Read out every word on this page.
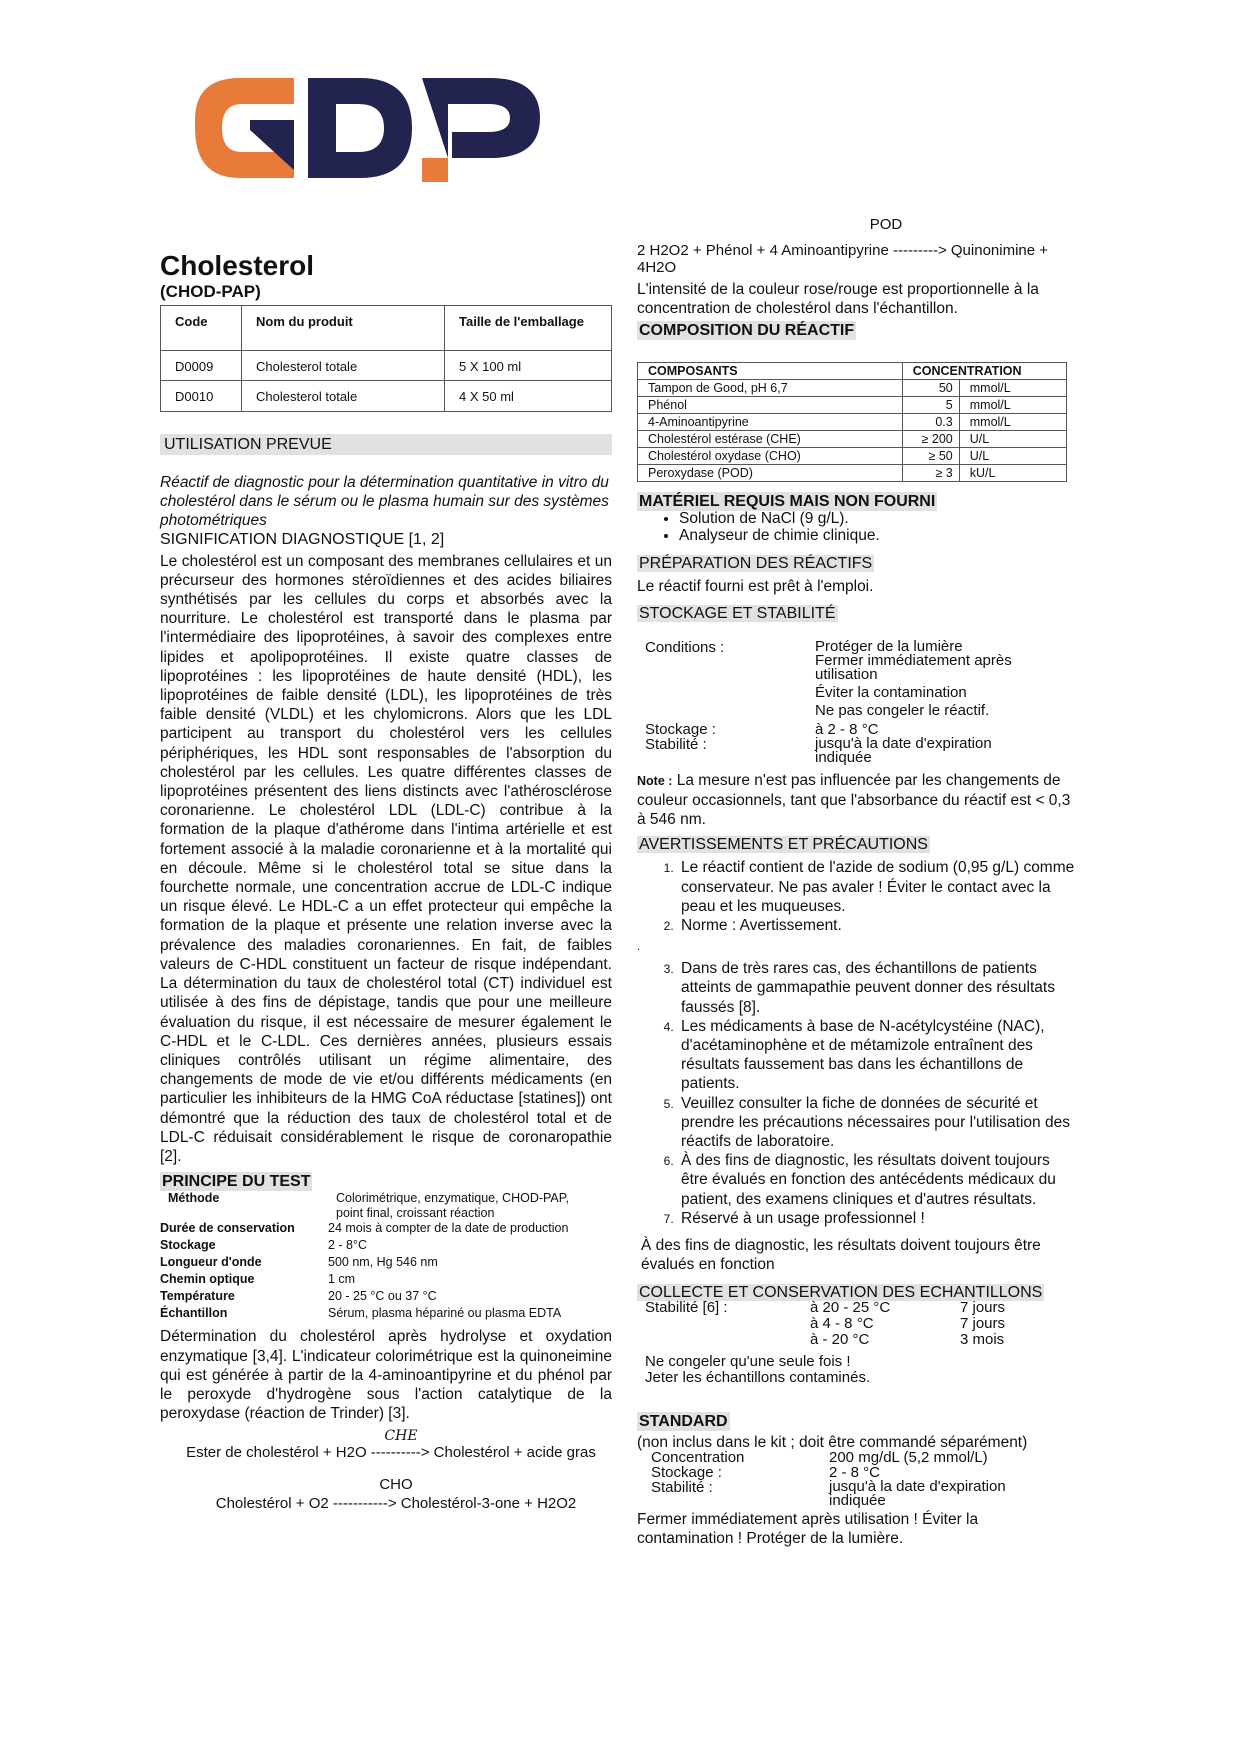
Cholesterol
(CHOD-PAP)
Code	Nom du produit	Taille de l'emballage
D0009	Cholesterol totale	5 X 100 ml
D0010	Cholesterol totale	4 X 50 ml
UTILISATION PREVUE
Réactif de diagnostic pour la détermination quantitative in vitro du cholestérol dans le sérum ou le plasma humain sur des systèmes photométriques
SIGNIFICATION DIAGNOSTIQUE [1, 2]
Le cholestérol est un composant des membranes cellulaires et un précurseur des hormones stéroïdiennes et des acides biliaires synthétisés par les cellules du corps et absorbés avec la nourriture. Le cholestérol est transporté dans le plasma par l'intermédiaire des lipoprotéines, à savoir des complexes entre lipides et apolipoprotéines. Il existe quatre classes de lipoprotéines : les lipoprotéines de haute densité (HDL), les lipoprotéines de faible densité (LDL), les lipoprotéines de très faible densité (VLDL) et les chylomicrons. Alors que les LDL participent au transport du cholestérol vers les cellules périphériques, les HDL sont responsables de l'absorption du cholestérol par les cellules. Les quatre différentes classes de lipoprotéines présentent des liens distincts avec l'athérosclérose coronarienne. Le cholestérol LDL (LDL-C) contribue à la formation de la plaque d'athérome dans l'intima artérielle et est fortement associé à la maladie coronarienne et à la mortalité qui en découle. Même si le cholestérol total se situe dans la fourchette normale, une concentration accrue de LDL-C indique un risque élevé. Le HDL-C a un effet protecteur qui empêche la formation de la plaque et présente une relation inverse avec la prévalence des maladies coronariennes. En fait, de faibles valeurs de C-HDL constituent un facteur de risque indépendant. La détermination du taux de cholestérol total (CT) individuel est utilisée à des fins de dépistage, tandis que pour une meilleure évaluation du risque, il est nécessaire de mesurer également le C-HDL et le C-LDL. Ces dernières années, plusieurs essais cliniques contrôlés utilisant un régime alimentaire, des changements de mode de vie et/ou différents médicaments (en particulier les inhibiteurs de la HMG CoA réductase [statines]) ont démontré que la réduction des taux de cholestérol total et de LDL-C réduisait considérablement le risque de coronaropathie [2].
PRINCIPE DU TEST
Méthode	Colorimétrique, enzymatique, CHOD-PAP, point final, croissant réaction
Durée de conservation	24 mois à compter de la date de production
Stockage	2 - 8°C
Longueur d'onde	500 nm, Hg 546 nm
Chemin optique	1 cm
Température	20 - 25 °C ou 37 °C
Échantillon	Sérum, plasma hépariné ou plasma EDTA
Détermination du cholestérol après hydrolyse et oxydation enzymatique [3,4]. L'indicateur colorimétrique est la quinoneimine qui est générée à partir de la 4-aminoantipyrine et du phénol par le peroxyde d'hydrogène sous l'action catalytique de la peroxydase (réaction de Trinder) [3].
CHE
Ester de cholestérol + H2O ----------> Cholestérol + acide gras
CHO
Cholestérol + O2 -----------> Cholestérol-3-one + H2O2
POD
2 H2O2 + Phénol + 4 Aminoantipyrine ---------> Quinonimine + 4H2O
L'intensité de la couleur rose/rouge est proportionnelle à la concentration de cholestérol dans l'échantillon.
COMPOSITION DU RÉACTIF
COMPOSANTS	CONCENTRATION	
Tampon de Good, pH 6,7	50	mmol/L
Phénol	5	mmol/L
4-Aminoantipyrine	0.3	mmol/L
Cholestérol estérase (CHE)	≥ 200	U/L
Cholestérol oxydase (CHO)	≥ 50	U/L
Peroxydase (POD)	≥ 3	kU/L
MATÉRIEL REQUIS MAIS NON FOURNI
• Solution de NaCl (9 g/L).
• Analyseur de chimie clinique.
PRÉPARATION DES RÉACTIFS
Le réactif fourni est prêt à l'emploi.
STOCKAGE ET STABILITÉ
Conditions :	Protéger de la lumière
Fermer immédiatement après utilisation
Éviter la contamination
Ne pas congeler le réactif.
Stockage :	à 2 - 8 °C
Stabilité :	jusqu'à la date d'expiration indiquée
Note : La mesure n'est pas influencée par les changements de couleur occasionnels, tant que l'absorbance du réactif est < 0,3 à 546 nm.
AVERTISSEMENTS ET PRÉCAUTIONS
1. Le réactif contient de l'azide de sodium (0,95 g/L) comme conservateur. Ne pas avaler ! Éviter le contact avec la peau et les muqueuses.
2. Norme : Avertissement.
.
3. Dans de très rares cas, des échantillons de patients atteints de gammapathie peuvent donner des résultats faussés [8].
4. Les médicaments à base de N-acétylcystéine (NAC), d'acétaminophène et de métamizole entraînent des résultats faussement bas dans les échantillons de patients.
5. Veuillez consulter la fiche de données de sécurité et prendre les précautions nécessaires pour l'utilisation des réactifs de laboratoire.
6. À des fins de diagnostic, les résultats doivent toujours être évalués en fonction des antécédents médicaux du patient, des examens cliniques et d'autres résultats.
7. Réservé à un usage professionnel !
À des fins de diagnostic, les résultats doivent toujours être évalués en fonction
COLLECTE ET CONSERVATION DES ECHANTILLONS
Stabilité [6] :	à 20 - 25 °C	7 jours
à 4 - 8 °C	7 jours
à - 20 °C	3 mois
Ne congeler qu'une seule fois !
Jeter les échantillons contaminés.
STANDARD
(non inclus dans le kit ; doit être commandé séparément)
Concentration	200 mg/dL (5,2 mmol/L)
Stockage :	2 - 8 °C
Stabilité :	jusqu'à la date d'expiration indiquée
Fermer immédiatement après utilisation ! Éviter la contamination ! Protéger de la lumière.
